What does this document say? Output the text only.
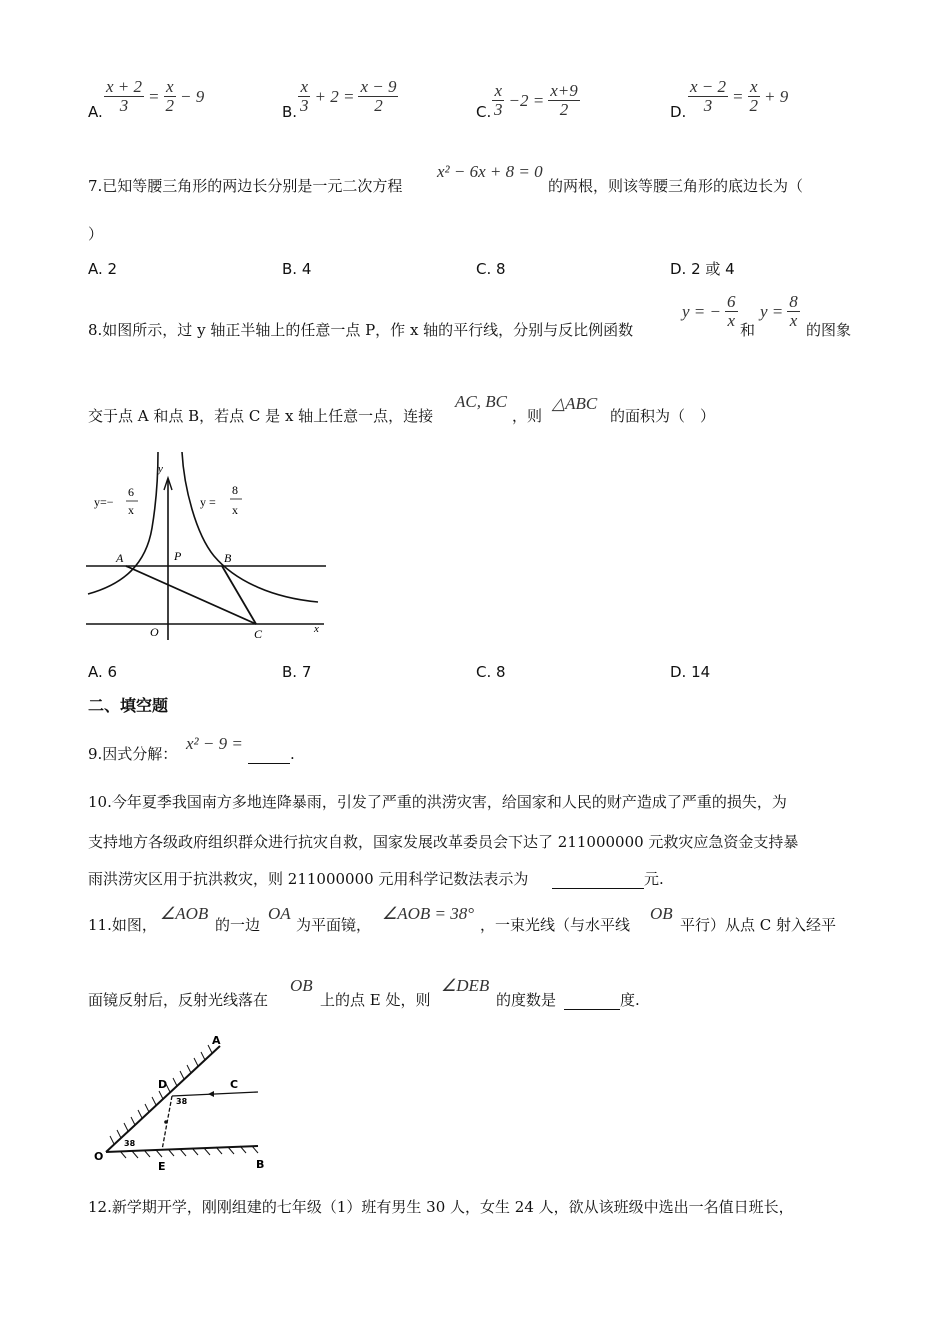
A. $\frac{x + 2}{3} = \frac{x}{2} - 9$
B. $\frac{x}{3} + 2 = \frac{x - 9}{2}$	C. $\frac{x}{3} -2 = \frac{x+9}{2}$	D. $\frac{x - 2}{3} = \frac{x}{2} + 9$
7.已知等腰三角形的两边长分别是一元二次方程
x² − 6x + 8 = 0
的两根，则该等腰三角形的底边长为（
）
A. 2	B. 4	C. 8	D. 2 或 4
8.如图所示，过 y 轴正半轴上的任意一点 P，作 x 轴的平行线，分别与反比例函数
y = − $\frac{6}{x}$ 和
$y = \frac{8}{x}$ 的图象
交于点 A 和点 B，若点 C 是 x 轴上任意一点，连接
AC, BC
，则
△ABC
的面积为（　）
y=−
6
x
y =
8
x
A	P	B
O	C	x
y
A. 6	B. 7	C. 8	D. 14
二、填空题
9.因式分解：
x² − 9 =
.
10.今年夏季我国南方多地连降暴雨，引发了严重的洪涝灾害，给国家和人民的财产造成了严重的损失，为
支持地方各级政府组织群众进行抗灾自救，国家发展改革委员会下达了 211000000 元救灾应急资金支持暴
雨洪涝灾区用于抗洪救灾，则 211000000 元用科学记数法表示为	元.
11.如图，
∠AOB
的一边
OA
为平面镜，
∠AOB = 38°
，一束光线（与水平线
OB
平行）从点 C 射入经平
面镜反射后，反射光线落在
OB
上的点 E 处，则
∠DEB
的度数是	度.
A
C
D
O
E	B
38
38
12.新学期开学，刚刚组建的七年级（1）班有男生 30 人，女生 24 人，欲从该班级中选出一名值日班长，
